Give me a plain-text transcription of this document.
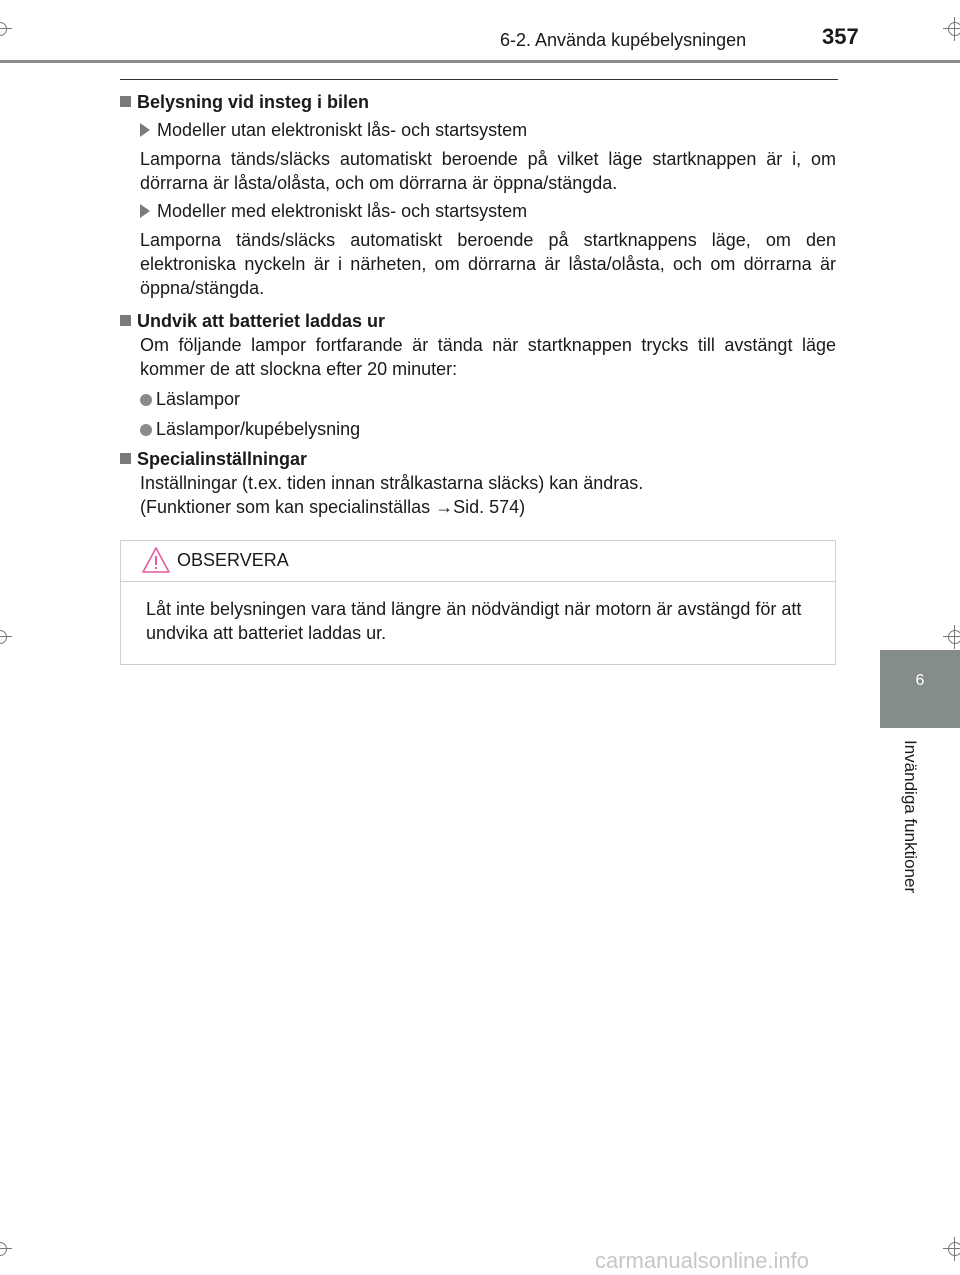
6-2. Använda kupébelysningen	357
Belysning vid insteg i bilen
Modeller utan elektroniskt lås- och startsystem
Lamporna tänds/släcks automatiskt beroende på vilket läge startknappen är i, om dörrarna är låsta/olåsta, och om dörrarna är öppna/stängda.
Modeller med elektroniskt lås- och startsystem
Lamporna tänds/släcks automatiskt beroende på startknappens läge, om den elektroniska nyckeln är i närheten, om dörrarna är låsta/olåsta, och om dörrarna är öppna/stängda.
Undvik att batteriet laddas ur
Om följande lampor fortfarande är tända när startknappen trycks till avstängt läge kommer de att slockna efter 20 minuter:
Läslampor
Läslampor/kupébelysning
Specialinställningar
Inställningar (t.ex. tiden innan strålkastarna släcks) kan ändras.
(Funktioner som kan specialinställas →Sid. 574)
OBSERVERA
Låt inte belysningen vara tänd längre än nödvändigt när motorn är avstängd för att undvika att batteriet laddas ur.
6
Invändiga funktioner
carmanualsonline.info
